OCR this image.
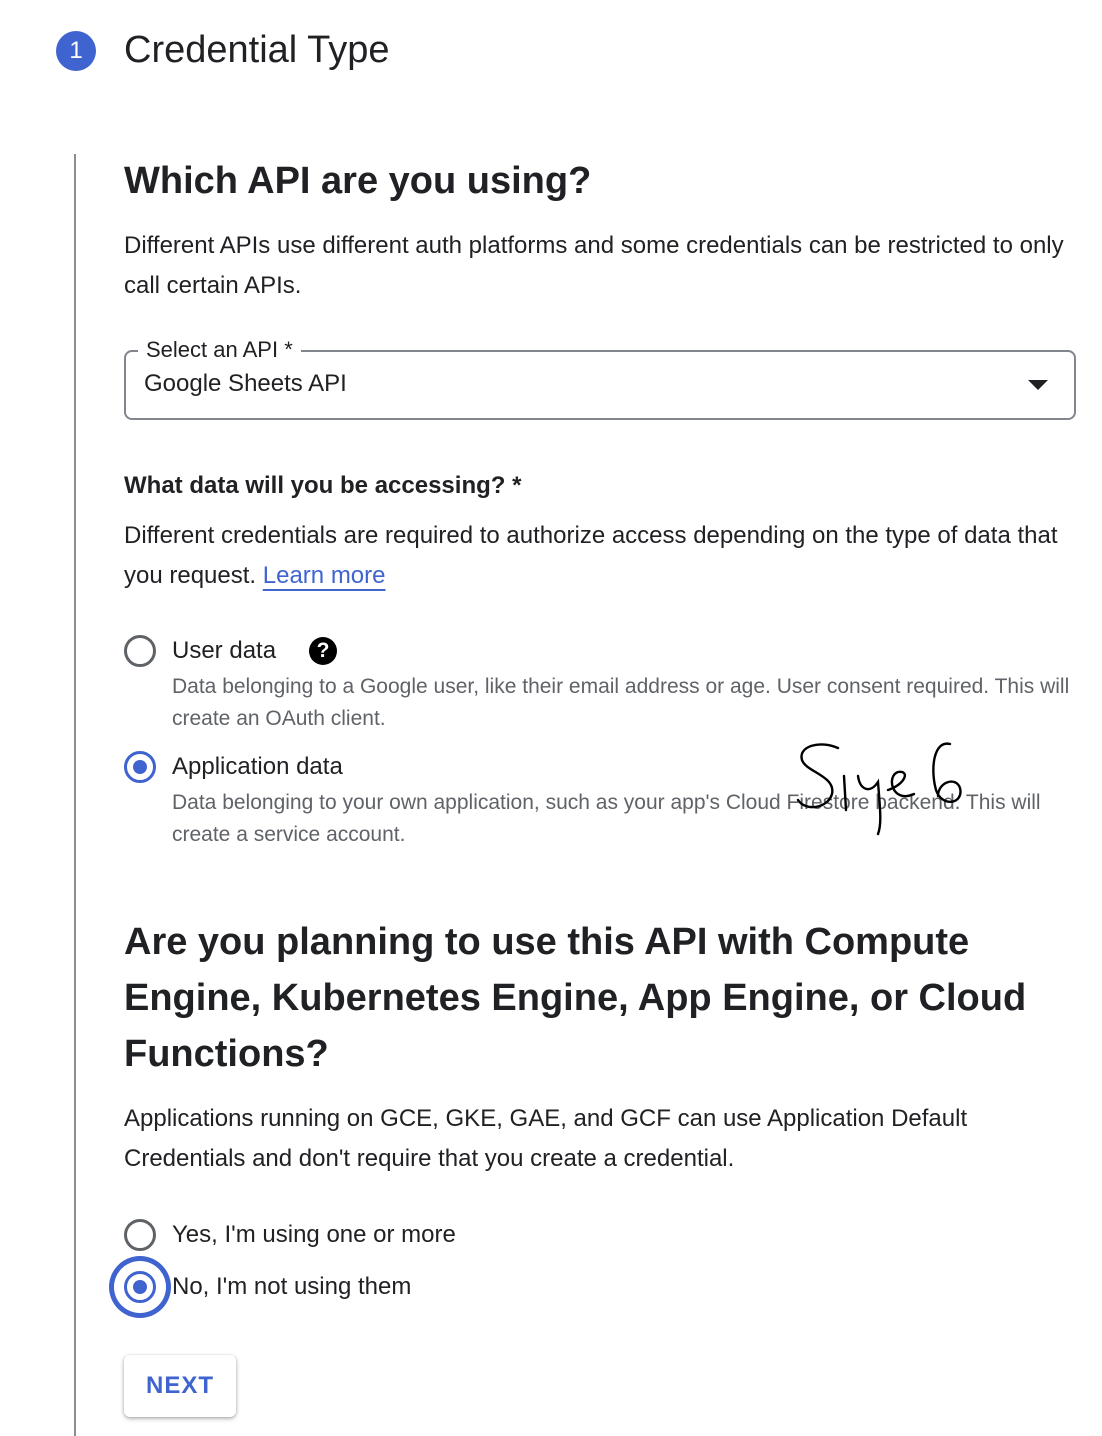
1	Credential Type
Which API are you using?
Different APIs use different auth platforms and some credentials can be restricted to only call certain APIs.
Select an API *
Google Sheets API
What data will you be accessing? *
Different credentials are required to authorize access depending on the type of data that you request. Learn more
User data	?
Data belonging to a Google user, like their email address or age. User consent required. This will create an OAuth client.
Application data
Data belonging to your own application, such as your app's Cloud Firestore backend. This will create a service account.
Are you planning to use this API with Compute Engine, Kubernetes Engine, App Engine, or Cloud Functions?
Applications running on GCE, GKE, GAE, and GCF can use Application Default Credentials and don't require that you create a credential.
Yes, I'm using one or more
No, I'm not using them
NEXT
